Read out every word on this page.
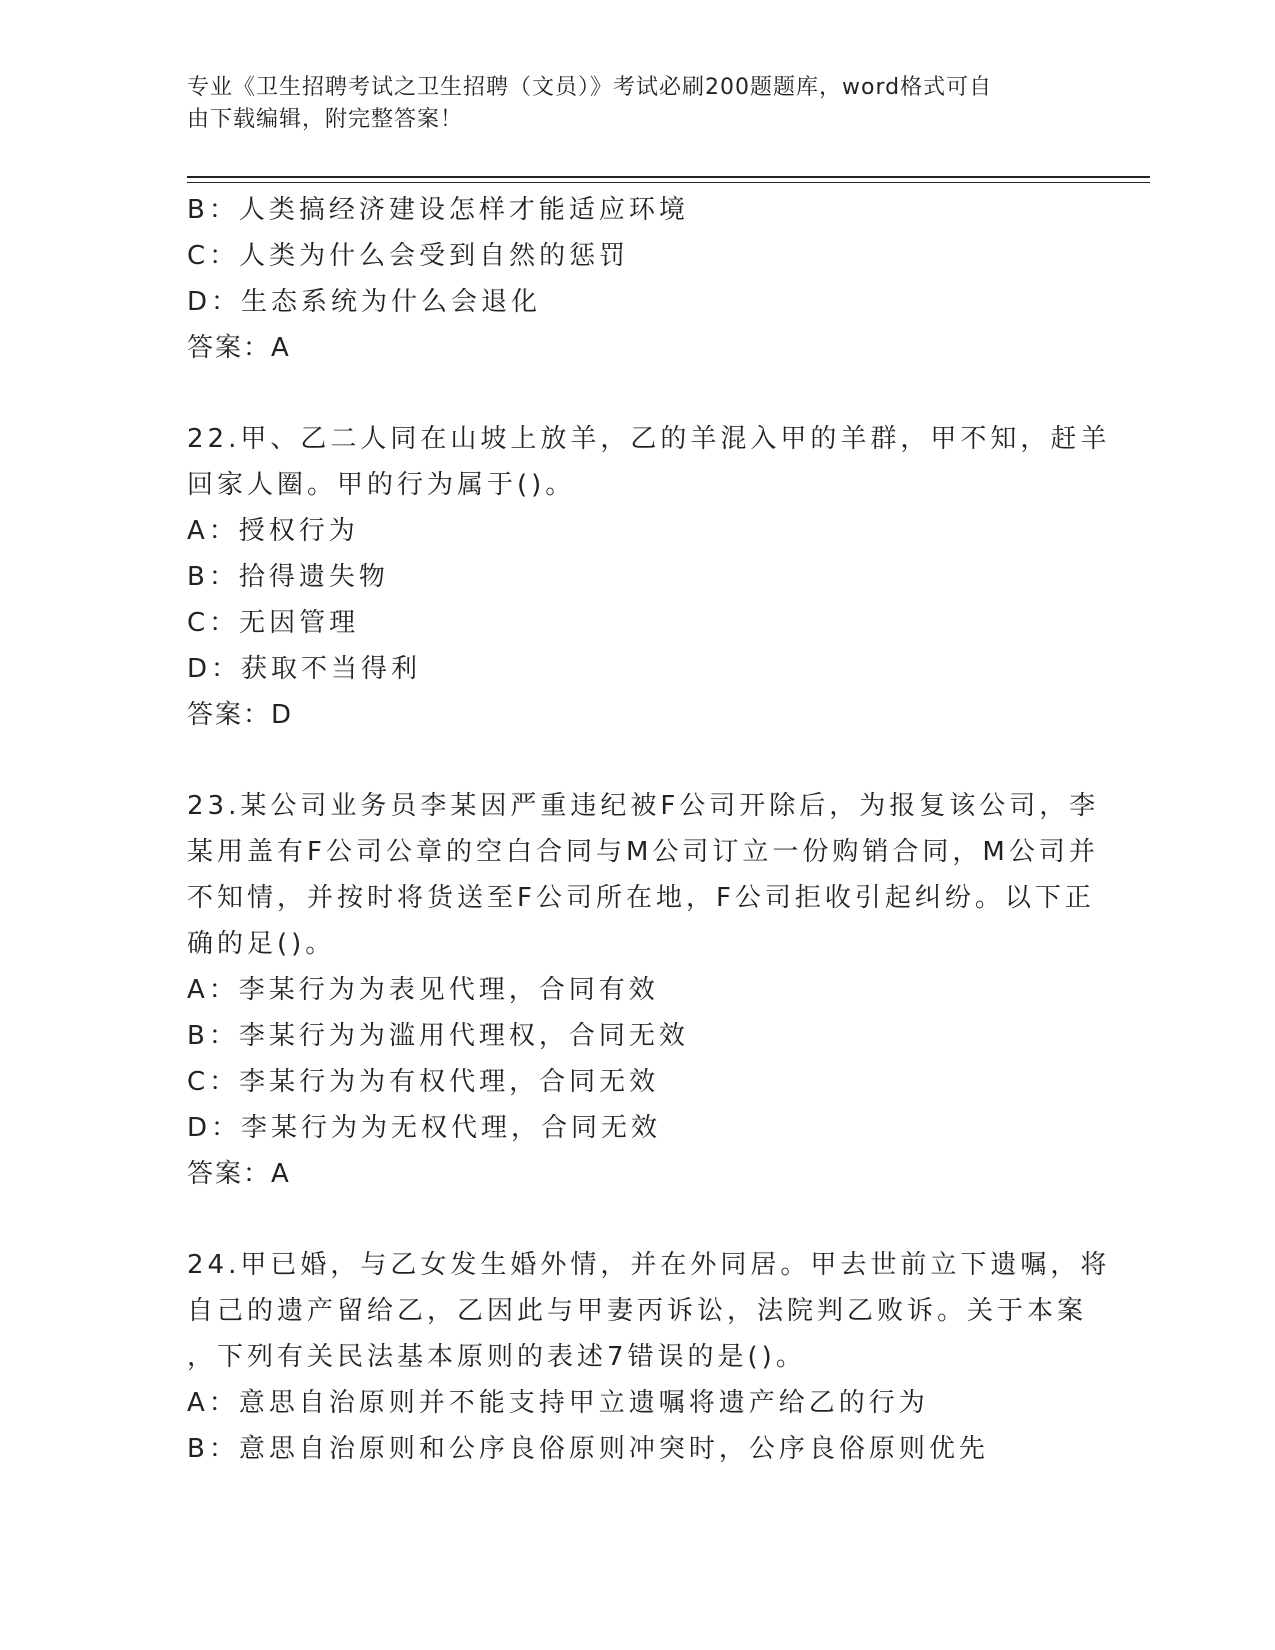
专业《卫生招聘考试之卫生招聘（文员）》考试必刷200题题库，word格式可自
由下载编辑，附完整答案！
B：人类搞经济建设怎样才能适应环境
C：人类为什么会受到自然的惩罚
D：生态系统为什么会退化
答案：A
22.甲、乙二人同在山坡上放羊，乙的羊混入甲的羊群，甲不知，赶羊
回家人圈。甲的行为属于()。
A：授权行为
B：拾得遗失物
C：无因管理
D：获取不当得利
答案：D
23.某公司业务员李某因严重违纪被F公司开除后，为报复该公司，李
某用盖有F公司公章的空白合同与M公司订立一份购销合同，M公司并
不知情，并按时将货送至F公司所在地，F公司拒收引起纠纷。以下正
确的足()。
A：李某行为为表见代理，合同有效
B：李某行为为滥用代理权，合同无效
C：李某行为为有权代理，合同无效
D：李某行为为无权代理，合同无效
答案：A
24.甲已婚，与乙女发生婚外情，并在外同居。甲去世前立下遗嘱，将
自己的遗产留给乙，乙因此与甲妻丙诉讼，法院判乙败诉。关于本案
，下列有关民法基本原则的表述7错误的是()。
A：意思自治原则并不能支持甲立遗嘱将遗产给乙的行为
B：意思自治原则和公序良俗原则冲突时，公序良俗原则优先
